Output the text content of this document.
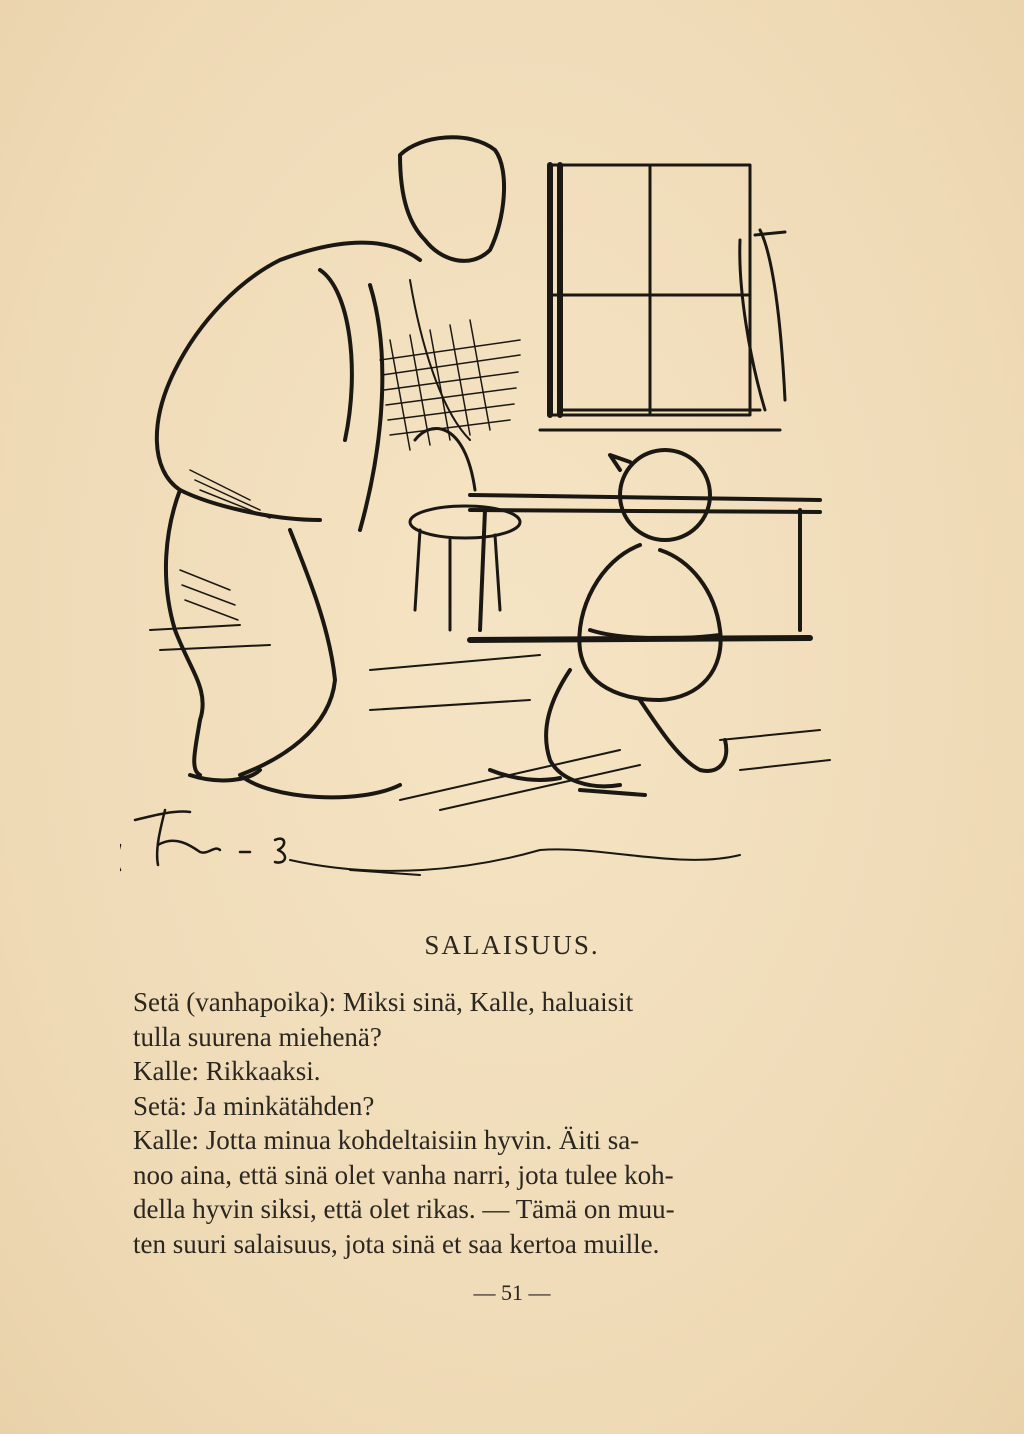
SALAISUUS.
Setä (vanhapoika): Miksi sinä, Kalle, haluaisit
tulla suurena miehenä?
Kalle: Rikkaaksi.
Setä: Ja minkätähden?
Kalle: Jotta minua kohdeltaisiin hyvin. Äiti sa-
noo aina, että sinä olet vanha narri, jota tulee koh-
della hyvin siksi, että olet rikas. — Tämä on muu-
ten suuri salaisuus, jota sinä et saa kertoa muille.
— 51 —
